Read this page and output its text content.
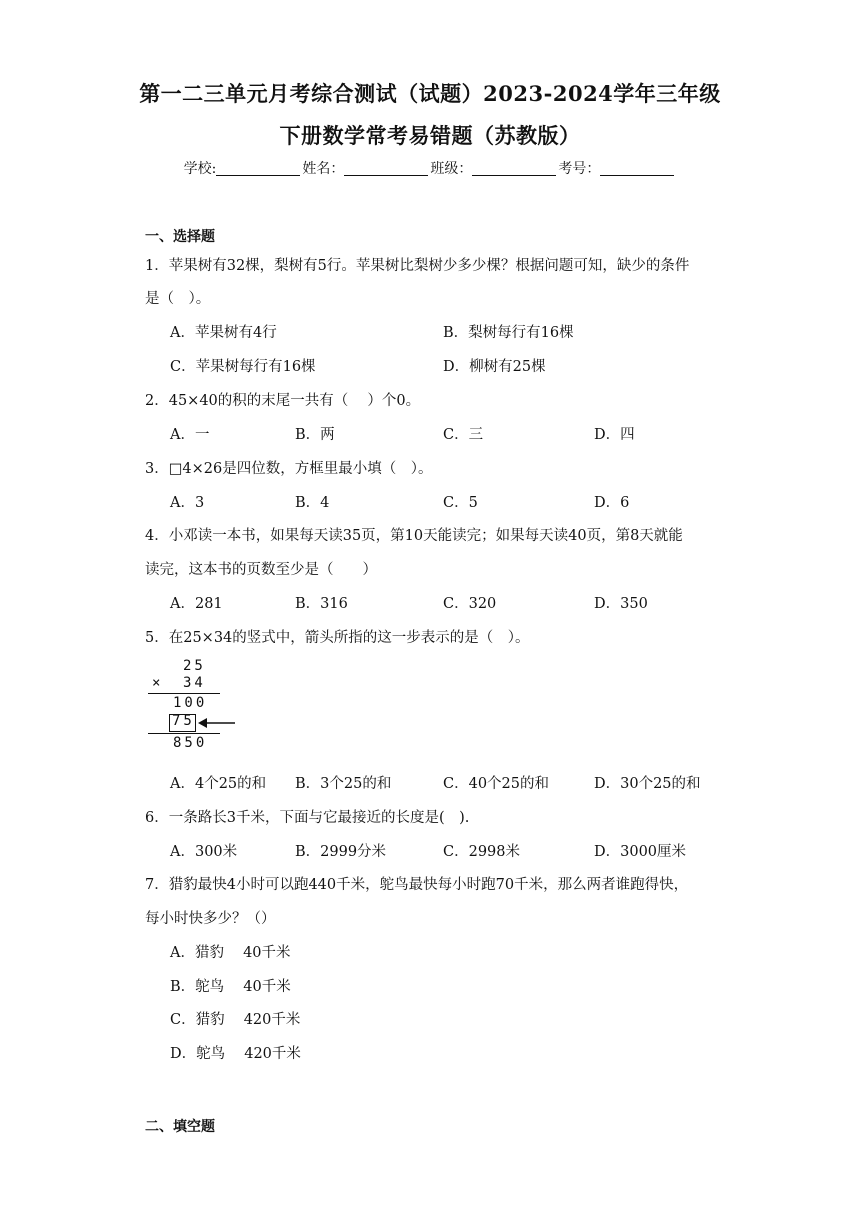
第一二三单元月考综合测试（试题）2023-2024学年三年级
下册数学常考易错题（苏教版）
学校:	姓名：	班级：	考号：
一、选择题
1．苹果树有32棵，梨树有5行。苹果树比梨树少多少棵？根据问题可知，缺少的条件
是（　）。
A．苹果树有4行	B．梨树每行有16棵
C．苹果树每行有16棵	D．柳树有25棵
2．45×40的积的末尾一共有（　 ）个0。
A．一	B．两	C．三	D．四
3．□4×26是四位数，方框里最小填（　）。
A．3	B．4	C．5	D．6
4．小邓读一本书，如果每天读35页，第10天能读完；如果每天读40页，第8天就能
读完，这本书的页数至少是（　　）
A．281	B．316	C．320	D．350
5．在25×34的竖式中，箭头所指的这一步表示的是（　）。
25
× 34
100
75
850
A．4个25的和 B．3个25的和	C．40个25的和	D．30个25的和
6．一条路长3千米，下面与它最接近的长度是(　).
A．300米	B．2999分米	C．2998米	D．3000厘米
7．猎豹最快4小时可以跑440千米，鸵鸟最快每小时跑70千米，那么两者谁跑得快，
每小时快多少？（）
A．猎豹　 40千米
B．鸵鸟　 40千米
C．猎豹　 420千米
D．鸵鸟　 420千米
二、填空题
